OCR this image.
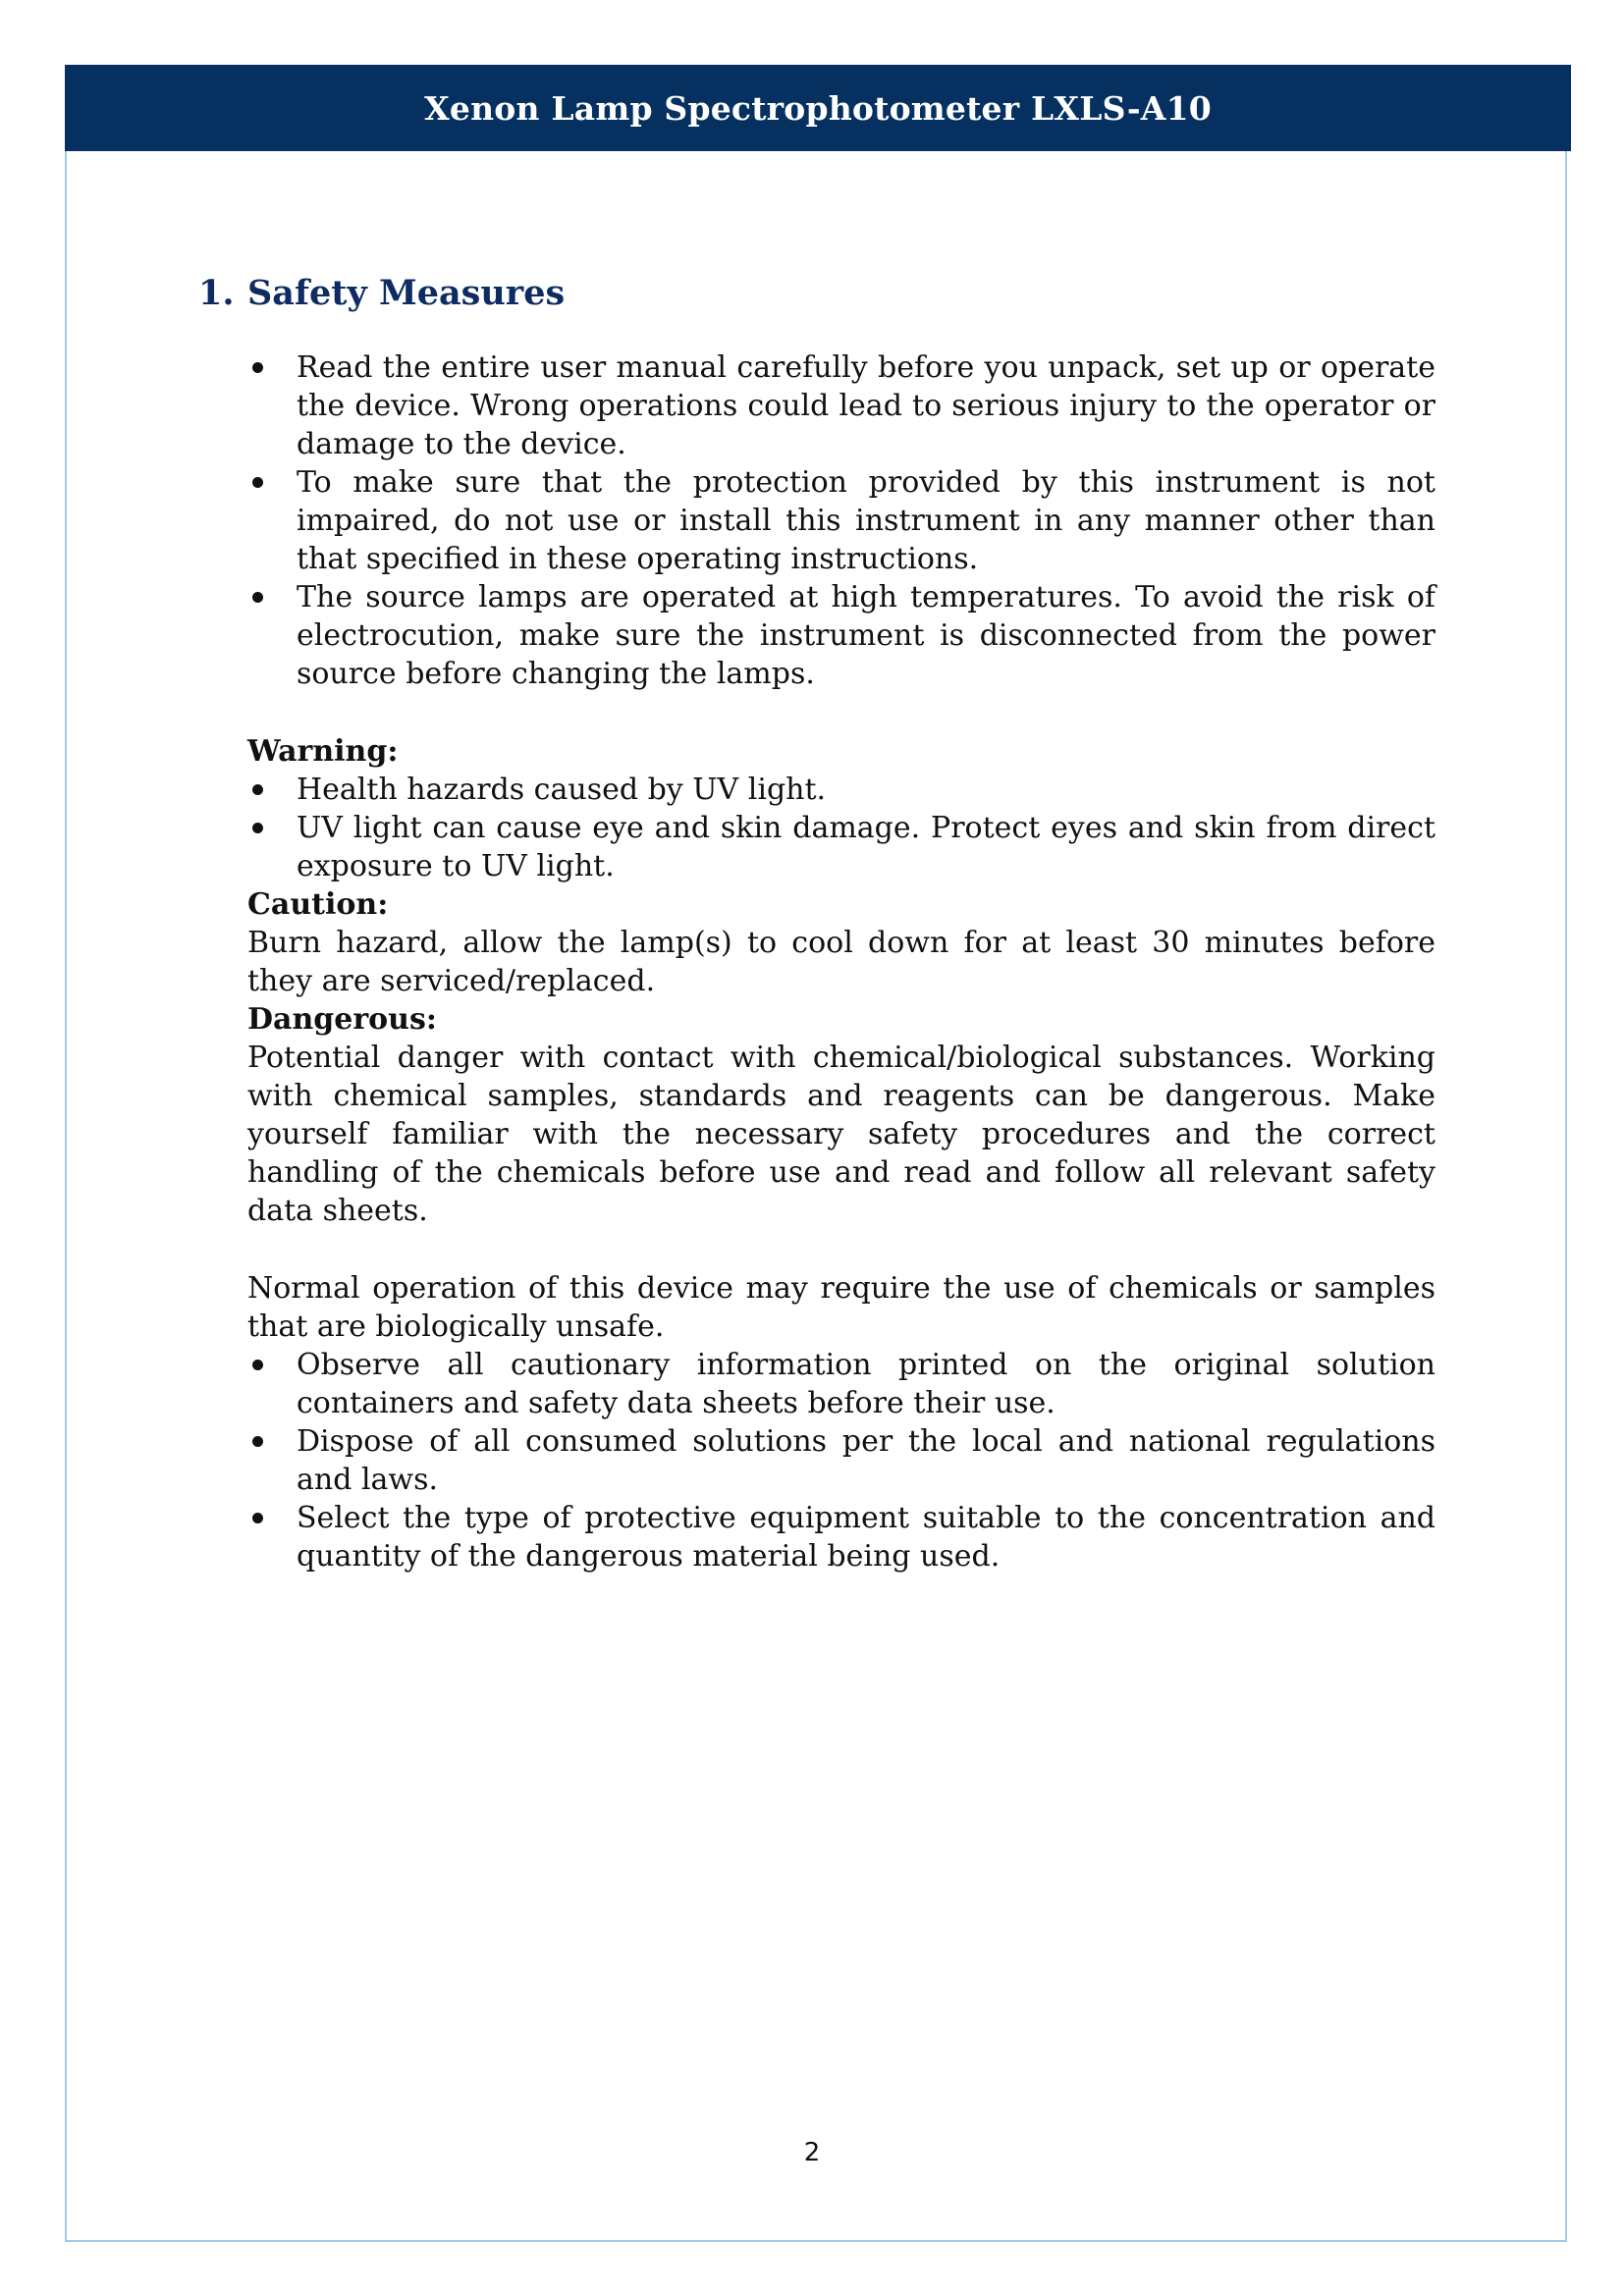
Xenon Lamp Spectrophotometer LXLS-A10
1. Safety Measures
Read the entire user manual carefully before you unpack, set up or operate the device. Wrong operations could lead to serious injury to the operator or damage to the device.
To make sure that the protection provided by this instrument is not impaired, do not use or install this instrument in any manner other than that specified in these operating instructions.
The source lamps are operated at high temperatures. To avoid the risk of electrocution, make sure the instrument is disconnected from the power source before changing the lamps.

Warning:

Health hazards caused by UV light.
UV light can cause eye and skin damage. Protect eyes and skin from direct exposure to UV light.

Caution:

Burn hazard, allow the lamp(s) to cool down for at least 30 minutes before they are serviced/replaced.

Dangerous:

Potential danger with contact with chemical/biological substances. Working with chemical samples, standards and reagents can be dangerous. Make yourself familiar with the necessary safety procedures and the correct handling of the chemicals before use and read and follow all relevant safety data sheets.

Normal operation of this device may require the use of chemicals or samples that are biologically unsafe.

Observe all cautionary information printed on the original solution containers and safety data sheets before their use.
Dispose of all consumed solutions per the local and national regulations and laws.
Select the type of protective equipment suitable to the concentration and quantity of the dangerous material being used.
2
